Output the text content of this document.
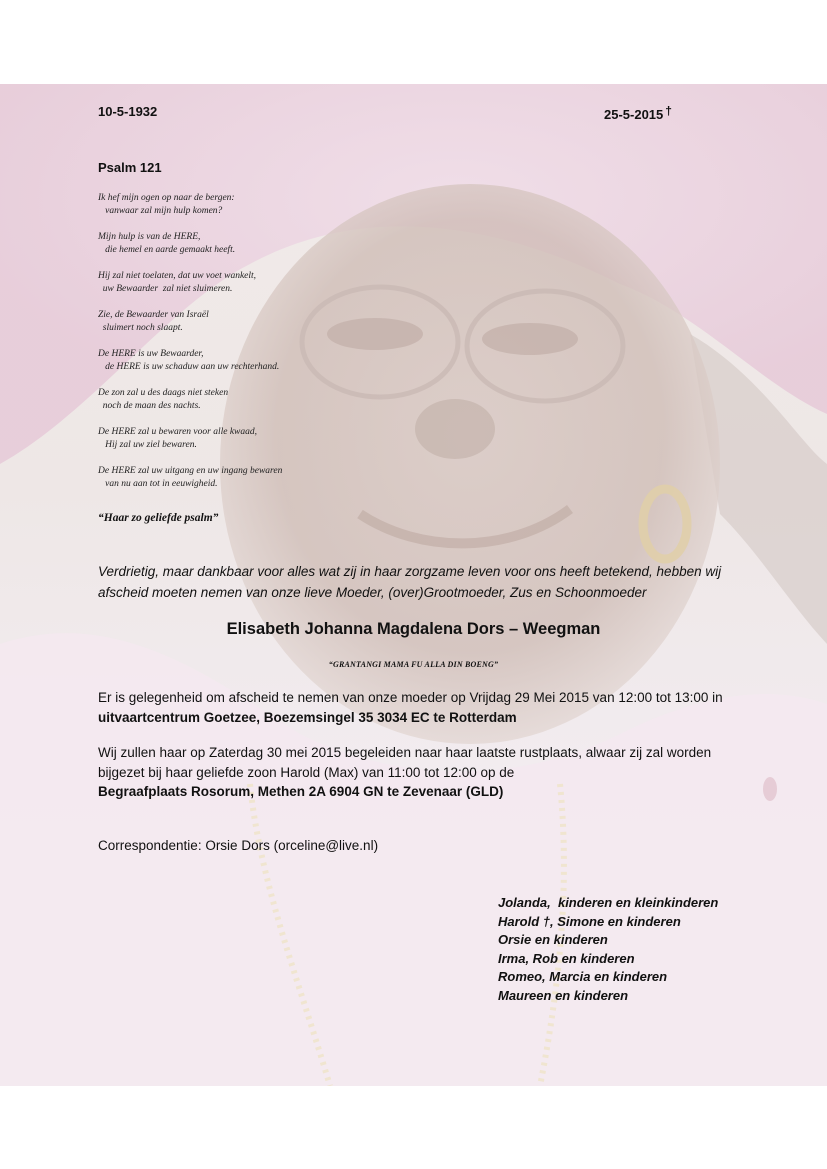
10-5-1932	25-5-2015 †
Psalm 121

Ik hef mijn ogen op naar de bergen:
vanwaar zal mijn hulp komen?

Mijn hulp is van de HERE,
die hemel en aarde gemaakt heeft.

Hij zal niet toelaten, dat uw voet wankelt,
uw Bewaarder  zal niet sluimeren.

Zie, de Bewaarder van Israël
sluimert noch slaapt.

De HERE is uw Bewaarder,
de HERE is uw schaduw aan uw rechterhand.

De zon zal u des daags niet steken
noch de maan des nachts.

De HERE zal u bewaren voor alle kwaad,
Hij zal uw ziel bewaren.

De HERE zal uw uitgang en uw ingang bewaren
van nu aan tot in eeuwigheid.

“Haar zo geliefde psalm”

Verdrietig, maar dankbaar voor alles wat zij in haar zorgzame leven voor ons heeft betekend, hebben wij afscheid moeten nemen van onze lieve Moeder, (over)Grootmoeder, Zus en Schoonmoeder

Elisabeth Johanna Magdalena Dors – Weegman
“GRANTANGI MAMA FU ALLA DIN BOENG”

Er is gelegenheid om afscheid te nemen van onze moeder op Vrijdag 29 Mei 2015 van 12:00 tot 13:00 in uitvaartcentrum Goetzee, Boezemsingel 35 3034 EC te Rotterdam

Wij zullen haar op Zaterdag 30 mei 2015 begeleiden naar haar laatste rustplaats, alwaar zij zal worden bijgezet bij haar geliefde zoon Harold (Max) van 11:00 tot 12:00 op de
Begraafplaats Rosorum, Methen 2A 6904 GN te Zevenaar (GLD)

Correspondentie: Orsie Dors (orceline@live.nl)
Jolanda,  kinderen en kleinkinderen
Harold †, Simone en kinderen
Orsie en kinderen
Irma, Rob en kinderen
Romeo, Marcia en kinderen
Maureen en kinderen
